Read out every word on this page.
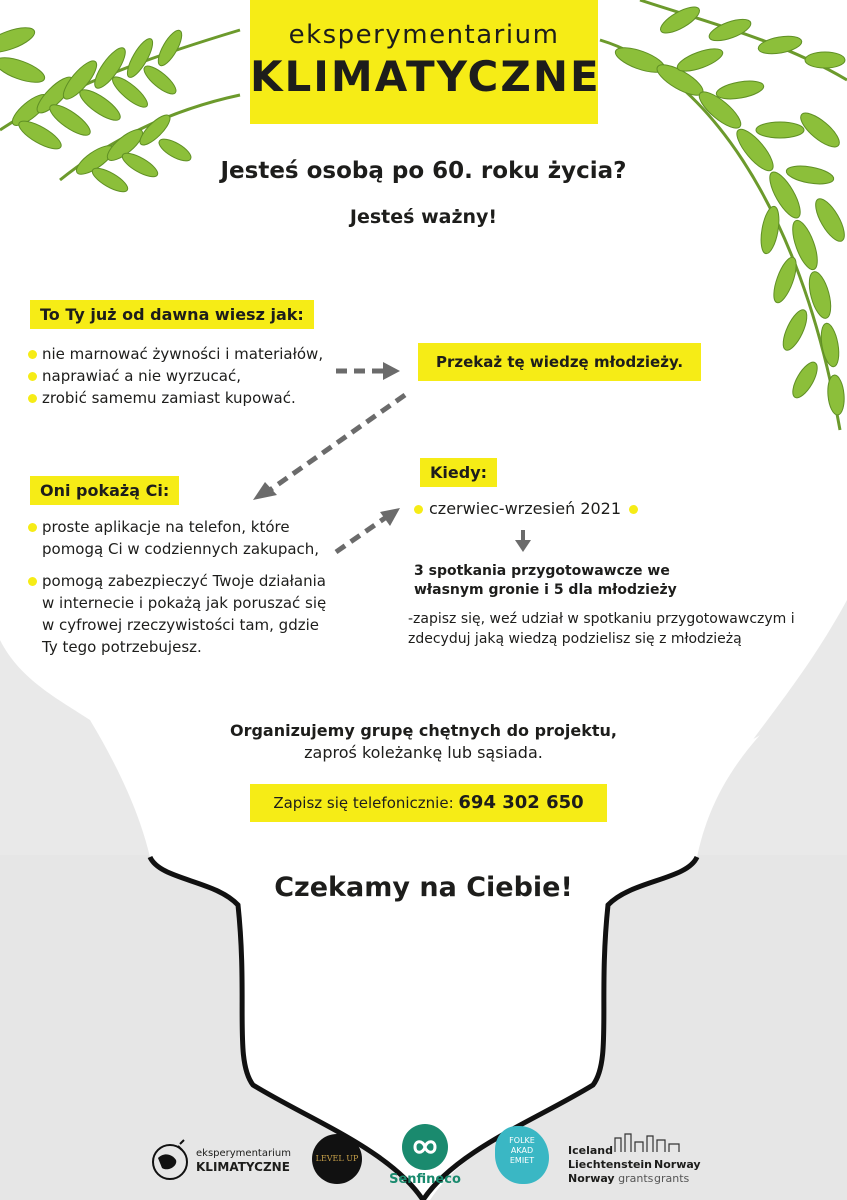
eksperymentarium
KLIMATYCZNE
Jesteś osobą po 60. roku życia?
Jesteś ważny!
To Ty już od dawna wiesz jak:
nie marnować żywności i materiałów,
naprawiać a nie wyrzucać,
zrobić samemu zamiast kupować.
Przekaż tę wiedzę młodzieży.
Oni pokażą Ci:
proste aplikacje na telefon, które pomogą Ci w codziennych zakupach,
pomogą zabezpieczyć Twoje działania w internecie i pokażą jak poruszać się w cyfrowej rzeczywistości tam, gdzie Ty tego potrzebujesz.
Kiedy:
czerwiec-wrzesień 2021
3 spotkania przygotowawcze we własnym gronie i 5 dla młodzieży
-zapisz się, weź udział w spotkaniu przygotowawczym i zdecyduj jaką wiedzą podzielisz się z młodzieżą
Organizujemy grupę chętnych do projektu,
zaproś koleżankę lub sąsiada.
Zapisz się telefonicznie: 694 302 650
Czekamy na Ciebie!
eksperymentarium
KLIMATYCZNE
LEVEL UP
Senfineco
FOLKE
AKAD
EMIET
Iceland
Liechtenstein
Norway grants
Norway
grants
